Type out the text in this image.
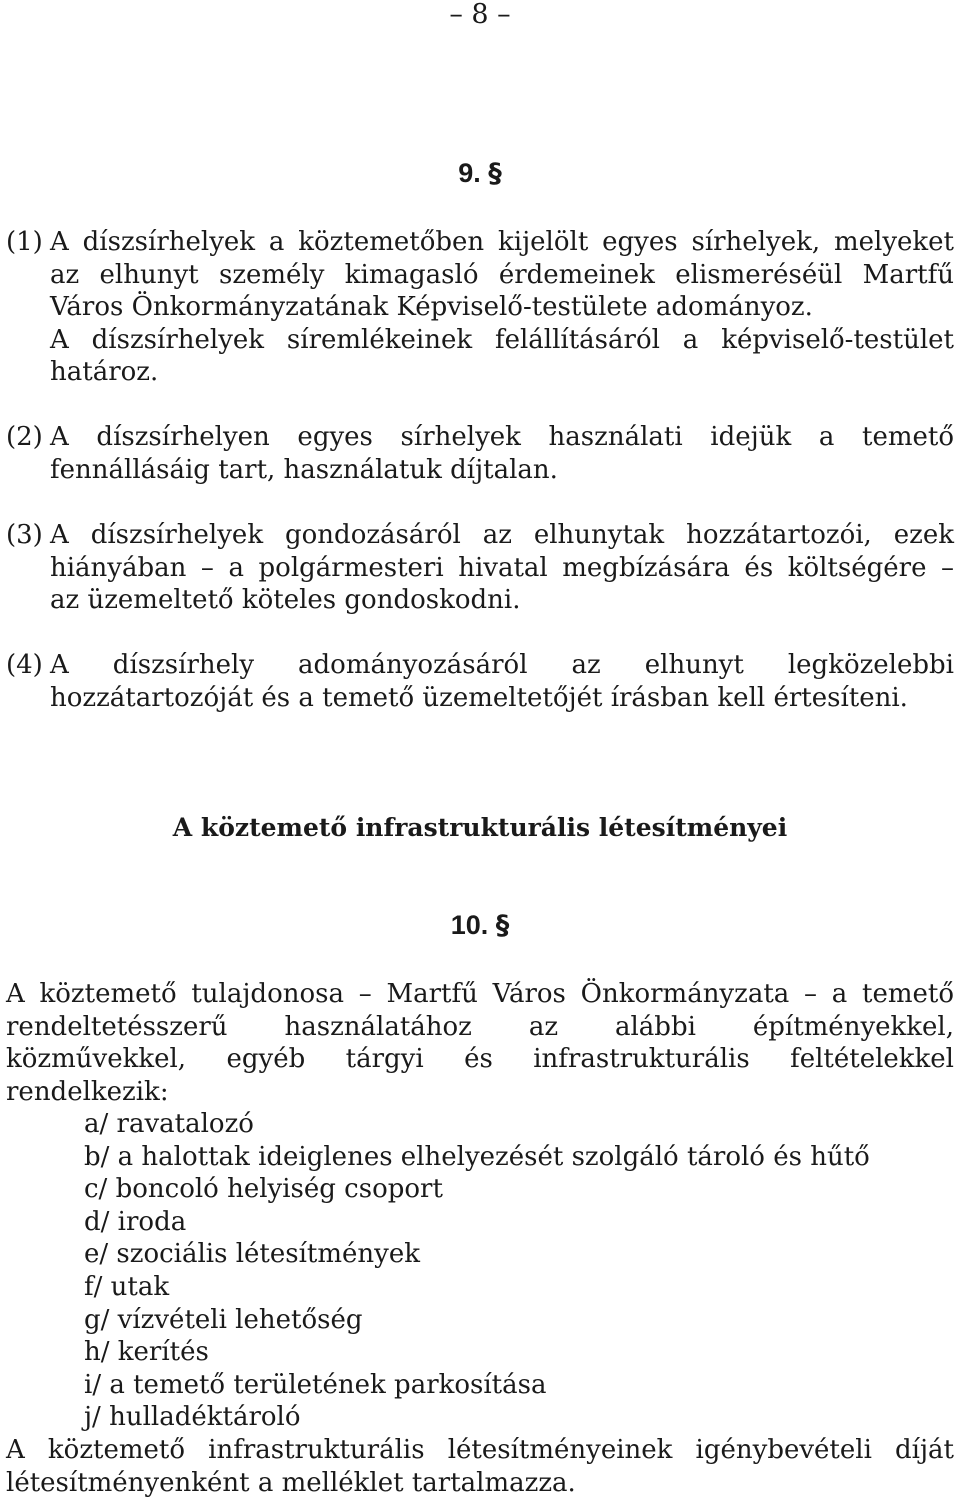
– 8 –
9. §
(1) A díszsírhelyek a köztemetőben kijelölt egyes sírhelyek, melyeket
az elhunyt személy kimagasló érdemeinek elismeréséül Martfű
Város Önkormányzatának Képviselő-testülete adományoz.
A díszsírhelyek síremlékeinek felállításáról a képviselő-testület
határoz.
(2) A díszsírhelyen egyes sírhelyek használati idejük a temető
fennállásáig tart, használatuk díjtalan.
(3) A díszsírhelyek gondozásáról az elhunytak hozzátartozói, ezek
hiányában – a polgármesteri hivatal megbízására és költségére –
az üzemeltető köteles gondoskodni.
(4) A díszsírhely adományozásáról az elhunyt legközelebbi
hozzátartozóját és a temető üzemeltetőjét írásban kell értesíteni.
A köztemető infrastrukturális létesítményei
10. §
A köztemető tulajdonosa – Martfű Város Önkormányzata – a temető
rendeltetésszerű használatához az alábbi építményekkel,
közművekkel, egyéb tárgyi és infrastrukturális feltételekkel
rendelkezik:
a/ ravatalozó
b/ a halottak ideiglenes elhelyezését szolgáló tároló és hűtő
c/ boncoló helyiség csoport
d/ iroda
e/ szociális létesítmények
f/ utak
g/ vízvételi lehetőség
h/ kerítés
i/ a temető területének parkosítása
j/ hulladéktároló
A köztemető infrastrukturális létesítményeinek igénybevételi díját
létesítményenként a melléklet tartalmazza.
